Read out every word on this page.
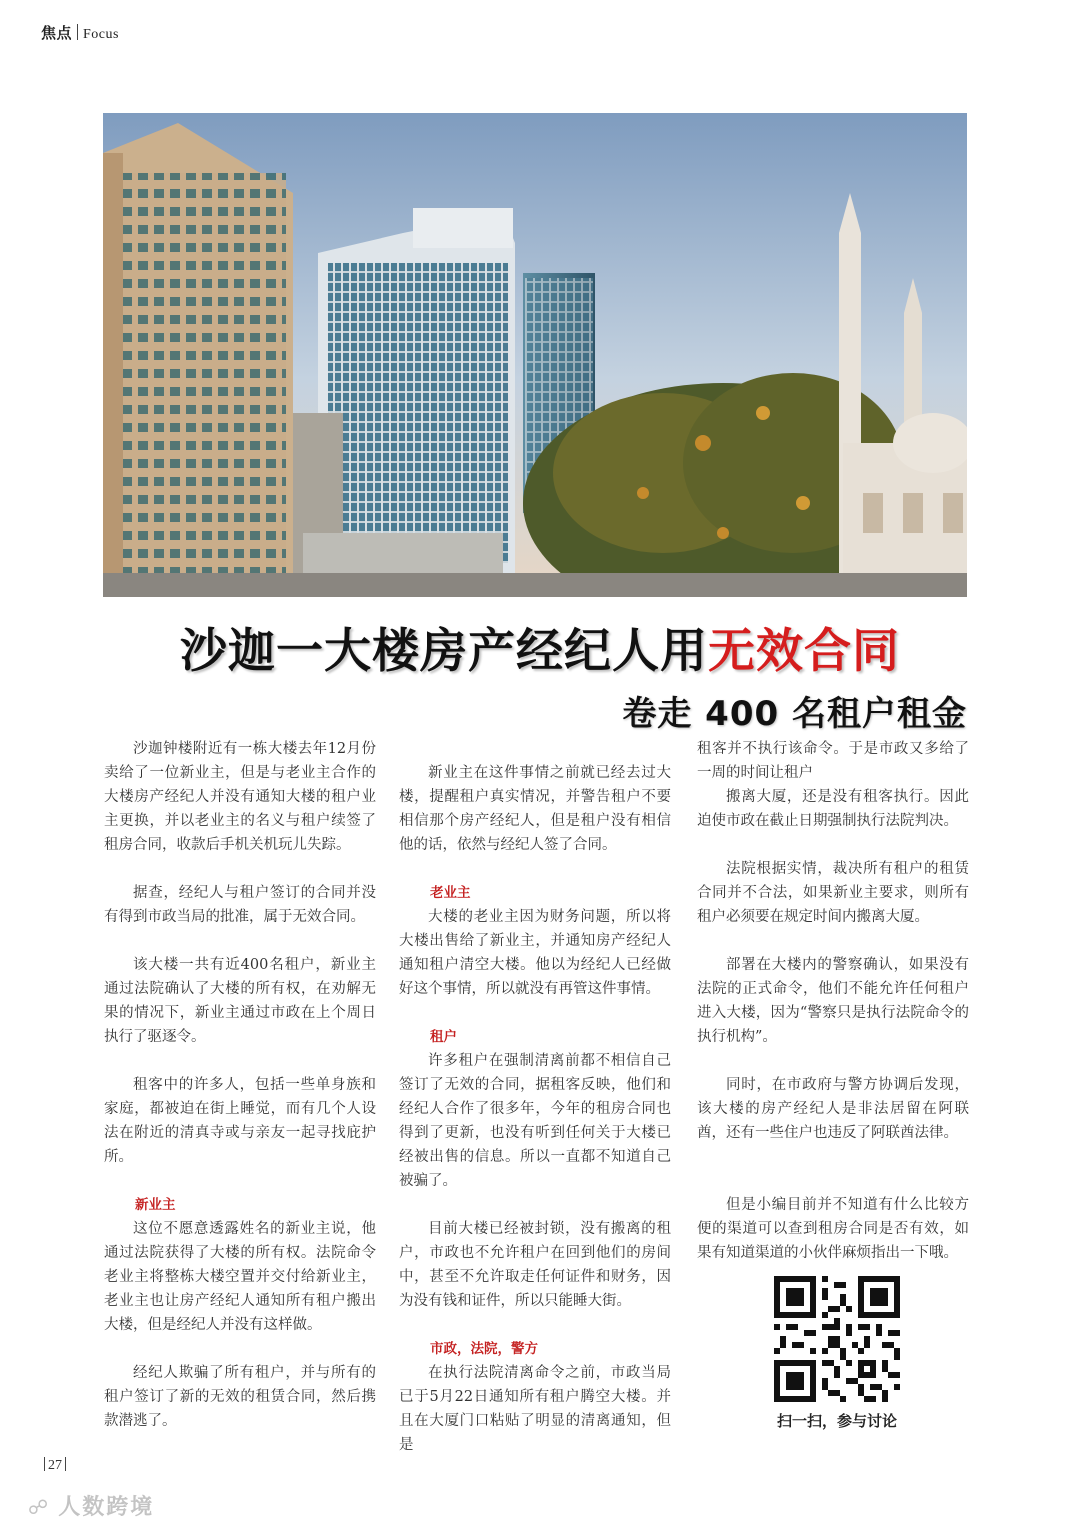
焦点 Focus
沙迦一大楼房产经纪人用无效合同
卷走 400 名租户租金

沙迦钟楼附近有一栋大楼去年12月份卖给了一位新业主，但是与老业主合作的大楼房产经纪人并没有通知大楼的租户业主更换，并以老业主的名义与租户续签了租房合同，收款后手机关机玩儿失踪。

据查，经纪人与租户签订的合同并没有得到市政当局的批准，属于无效合同。

该大楼一共有近400名租户，新业主通过法院确认了大楼的所有权，在劝解无果的情况下，新业主通过市政在上个周日执行了驱逐令。

租客中的许多人，包括一些单身族和家庭，都被迫在街上睡觉，而有几个人设法在附近的清真寺或与亲友一起寻找庇护所。

新业主

这位不愿意透露姓名的新业主说，他通过法院获得了大楼的所有权。法院命令老业主将整栋大楼空置并交付给新业主，老业主也让房产经纪人通知所有租户搬出大楼，但是经纪人并没有这样做。

经纪人欺骗了所有租户，并与所有的租户签订了新的无效的租赁合同，然后携款潜逃了。

新业主在这件事情之前就已经去过大楼，提醒租户真实情况，并警告租户不要相信那个房产经纪人，但是租户没有相信他的话，依然与经纪人签了合同。

老业主

大楼的老业主因为财务问题，所以将大楼出售给了新业主，并通知房产经纪人通知租户清空大楼。他以为经纪人已经做好这个事情，所以就没有再管这件事情。

租户

许多租户在强制清离前都不相信自己签订了无效的合同，据租客反映，他们和经纪人合作了很多年，今年的租房合同也得到了更新，也没有听到任何关于大楼已经被出售的信息。所以一直都不知道自己被骗了。

目前大楼已经被封锁，没有搬离的租户，市政也不允许租户在回到他们的房间中，甚至不允许取走任何证件和财务，因为没有钱和证件，所以只能睡大街。

市政，法院，警方

在执行法院清离命令之前，市政当局已于5月22日通知所有租户腾空大楼。并且在大厦门口粘贴了明显的清离通知，但是

租客并不执行该命令。于是市政又多给了一周的时间让租户

搬离大厦，还是没有租客执行。因此迫使市政在截止日期强制执行法院判决。

法院根据实情，裁决所有租户的租赁合同并不合法，如果新业主要求，则所有租户必须要在规定时间内搬离大厦。

部署在大楼内的警察确认，如果没有法院的正式命令，他们不能允许任何租户进入大楼，因为“警察只是执行法院命令的执行机构”。

同时，在市政府与警方协调后发现，该大楼的房产经纪人是非法居留在阿联酋，还有一些住户也违反了阿联酋法律。

但是小编目前并不知道有什么比较方便的渠道可以查到租房合同是否有效，如果有知道渠道的小伙伴麻烦指出一下哦。

扫一扫，参与讨论
27
☍ 人数跨境
